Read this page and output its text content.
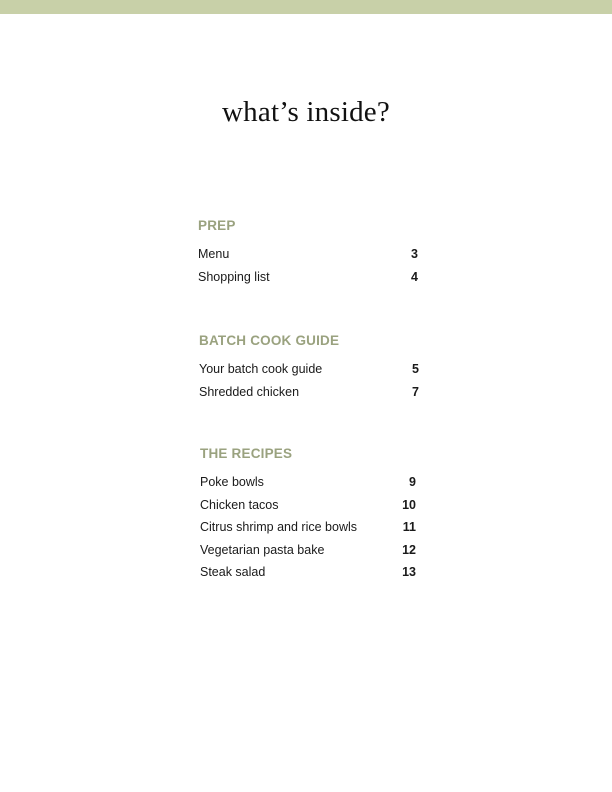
what’s inside?
PREP
Menu	3
Shopping list	4
BATCH COOK GUIDE
Your batch cook guide	5
Shredded chicken	7
THE RECIPES
Poke bowls	9
Chicken tacos	10
Citrus shrimp and rice bowls	11
Vegetarian pasta bake	12
Steak salad	13
